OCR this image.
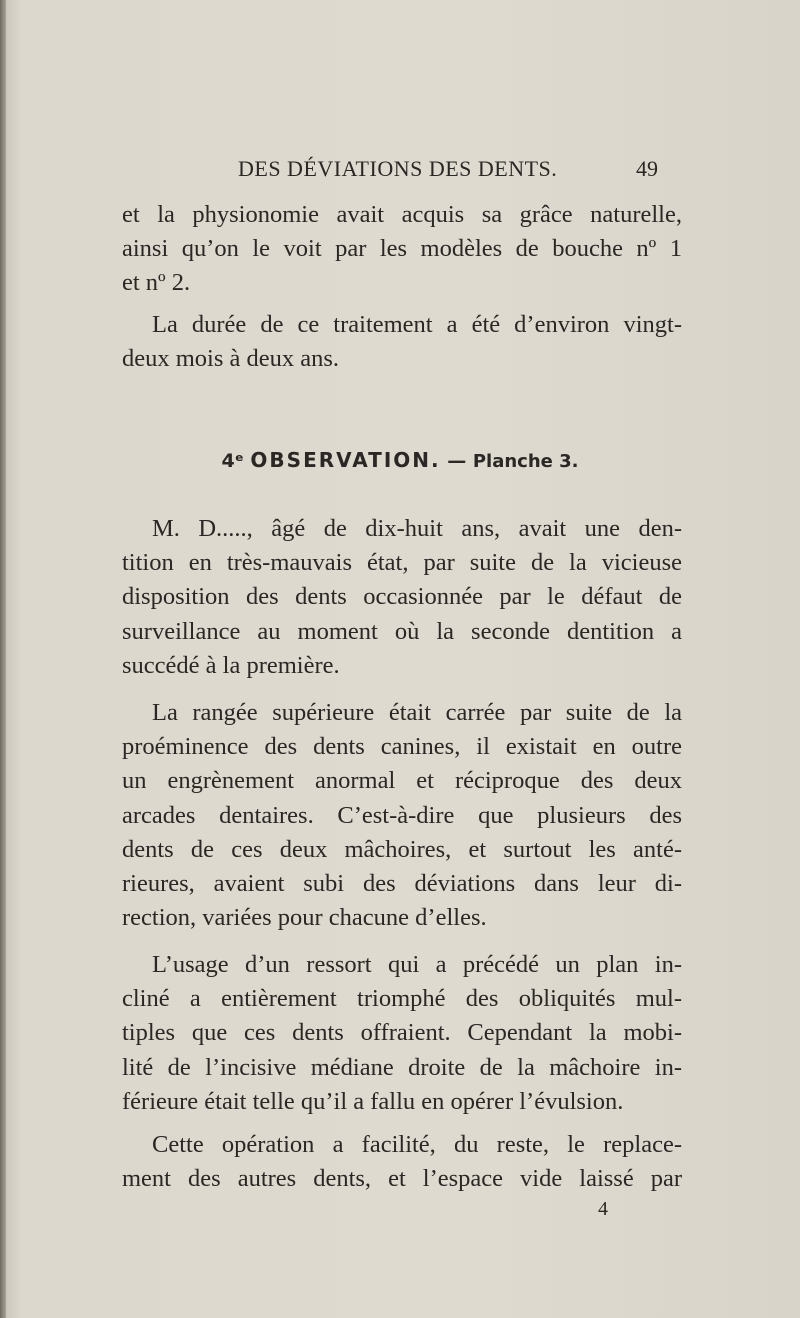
DES DÉVIATIONS DES DENTS.	49

et la physionomie avait acquis sa grâce naturelle,
ainsi qu’on le voit par les modèles de bouche nº 1
et nº 2.

La durée de ce traitement a été d’environ vingt-
deux mois à deux ans.

4ᵉ OBSERVATION. — Planche 3.

M. D....., âgé de dix-huit ans, avait une den-
tition en très-mauvais état, par suite de la vicieuse
disposition des dents occasionnée par le défaut de
surveillance au moment où la seconde dentition a
succédé à la première.

La rangée supérieure était carrée par suite de la
proéminence des dents canines, il existait en outre
un engrènement anormal et réciproque des deux
arcades dentaires. C’est-à-dire que plusieurs des
dents de ces deux mâchoires, et surtout les anté-
rieures, avaient subi des déviations dans leur di-
rection, variées pour chacune d’elles.

L’usage d’un ressort qui a précédé un plan in-
cliné a entièrement triomphé des obliquités mul-
tiples que ces dents offraient. Cependant la mobi-
lité de l’incisive médiane droite de la mâchoire in-
férieure était telle qu’il a fallu en opérer l’évulsion.

Cette opération a facilité, du reste, le replace-
ment des autres dents, et l’espace vide laissé par

4
